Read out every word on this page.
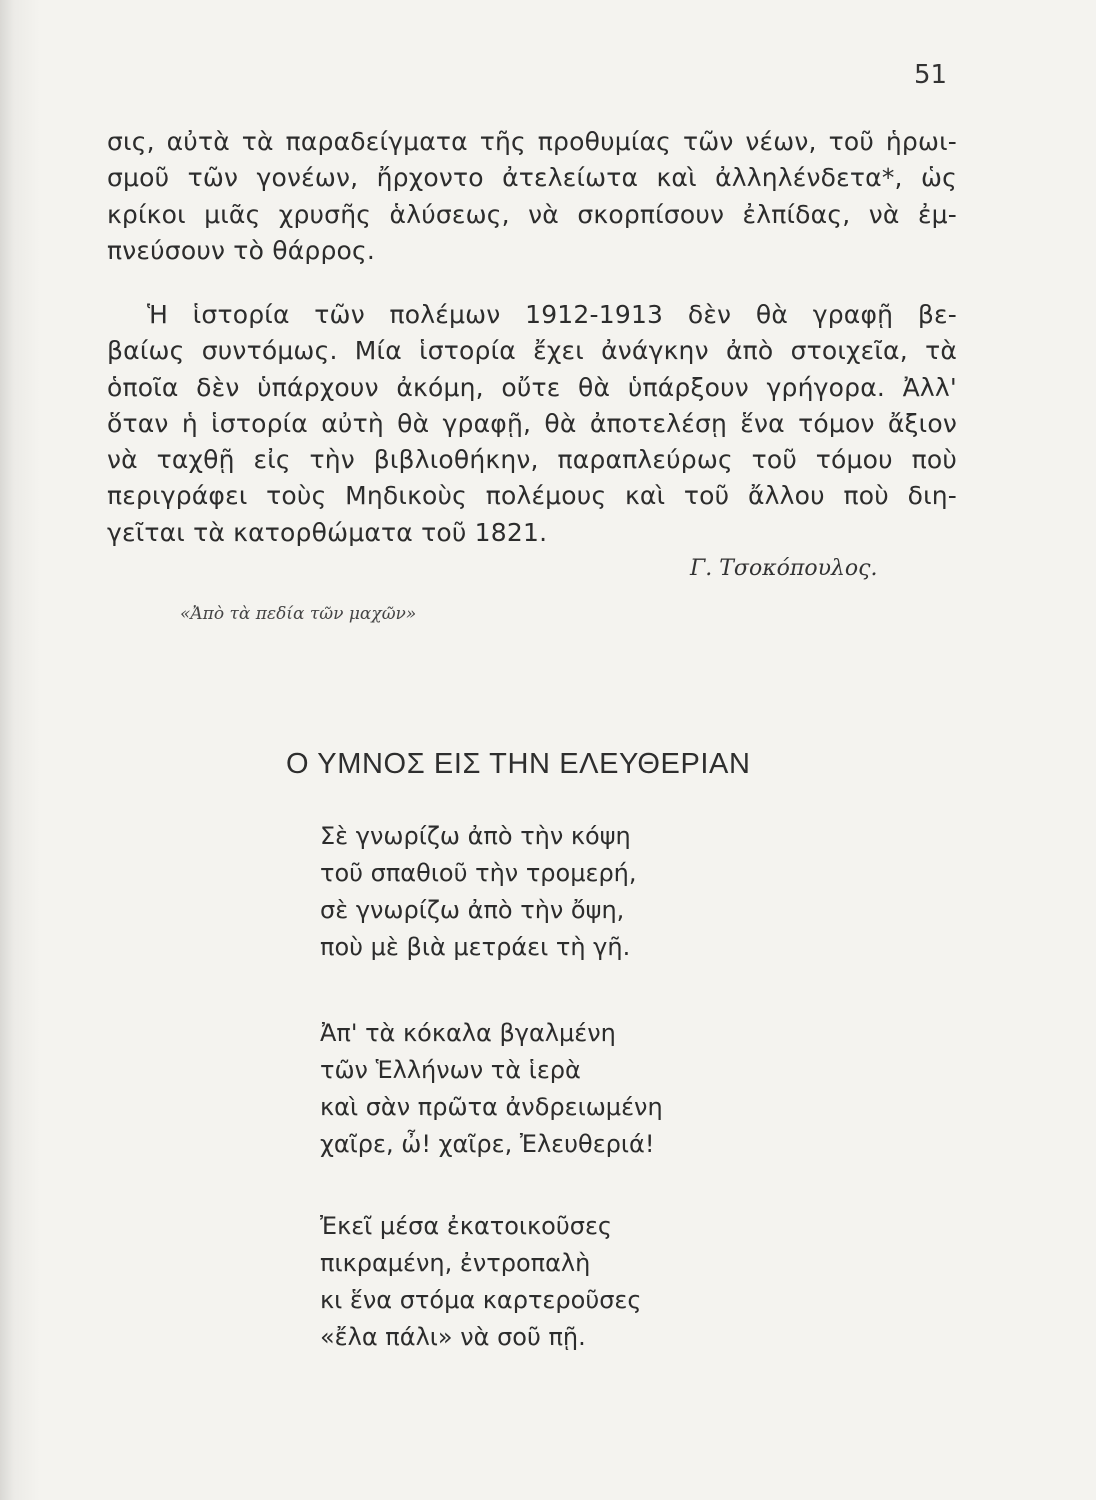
51
σις, αὐτὰ τὰ παραδείγματα τῆς προθυμίας τῶν νέων, τοῦ ἡρωι-
σμοῦ τῶν γονέων, ἤρχοντο ἀτελείωτα καὶ ἀλληλένδετα*, ὡς
κρίκοι μιᾶς χρυσῆς ἁλύσεως, νὰ σκορπίσουν ἐλπίδας, νὰ ἐμ-
πνεύσουν τὸ θάρρος.
Ἡ ἱστορία τῶν πολέμων 1912-1913 δὲν θὰ γραφῇ βε-
βαίως συντόμως. Μία ἱστορία ἔχει ἀνάγκην ἀπὸ στοιχεῖα, τὰ
ὁποῖα δὲν ὑπάρχουν ἀκόμη, οὔτε θὰ ὑπάρξουν γρήγορα. Ἀλλ'
ὅταν ἡ ἱστορία αὐτὴ θὰ γραφῇ, θὰ ἀποτελέσῃ ἕνα τόμον ἄξιον
νὰ ταχθῇ εἰς τὴν βιβλιοθήκην, παραπλεύρως τοῦ τόμου ποὺ
περιγράφει τοὺς Μηδικοὺς πολέμους καὶ τοῦ ἄλλου ποὺ διη-
γεῖται τὰ κατορθώματα τοῦ 1821.
Γ. Τσοκόπουλος.
«Ἀπὸ τὰ πεδία τῶν μαχῶν»
Ο ΥΜΝΟΣ ΕΙΣ ΤΗΝ ΕΛΕΥΘΕΡΙΑΝ
Σὲ γνωρίζω ἀπὸ τὴν κόψη
τοῦ σπαθιοῦ τὴν τρομερή,
σὲ γνωρίζω ἀπὸ τὴν ὄψη,
ποὺ μὲ βιὰ μετράει τὴ γῆ.
Ἀπ' τὰ κόκαλα βγαλμένη
τῶν Ἑλλήνων τὰ ἱερὰ
καὶ σὰν πρῶτα ἀνδρειωμένη
χαῖρε, ὦ! χαῖρε, Ἐλευθεριά!
Ἐκεῖ μέσα ἐκατοικοῦσες
πικραμένη, ἐντροπαλὴ
κι ἕνα στόμα καρτεροῦσες
«ἔλα πάλι» νὰ σοῦ πῇ.
